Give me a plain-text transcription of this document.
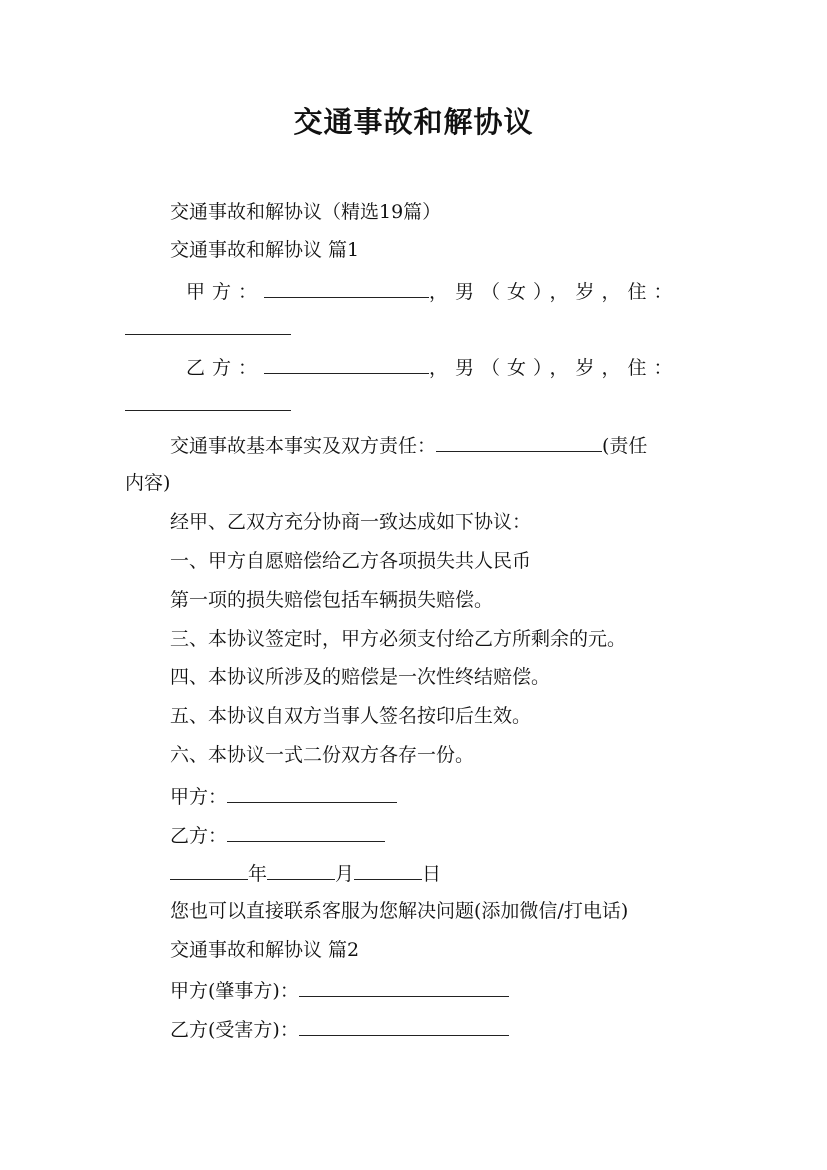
交通事故和解协议
交通事故和解协议（精选19篇）
交通事故和解协议 篇1
甲方：	，男（女），岁，住：
乙方：	，男（女），岁，住：
交通事故基本事实及双方责任：	(责任
内容)
经甲、乙双方充分协商一致达成如下协议：
一、甲方自愿赔偿给乙方各项损失共人民币
第一项的损失赔偿包括车辆损失赔偿。
三、本协议签定时，甲方必须支付给乙方所剩余的元。
四、本协议所涉及的赔偿是一次性终结赔偿。
五、本协议自双方当事人签名按印后生效。
六、本协议一式二份双方各存一份。
甲方：
乙方：
年	月	日
您也可以直接联系客服为您解决问题(添加微信/打电话)
交通事故和解协议 篇2
甲方(肇事方)：
乙方(受害方)：
